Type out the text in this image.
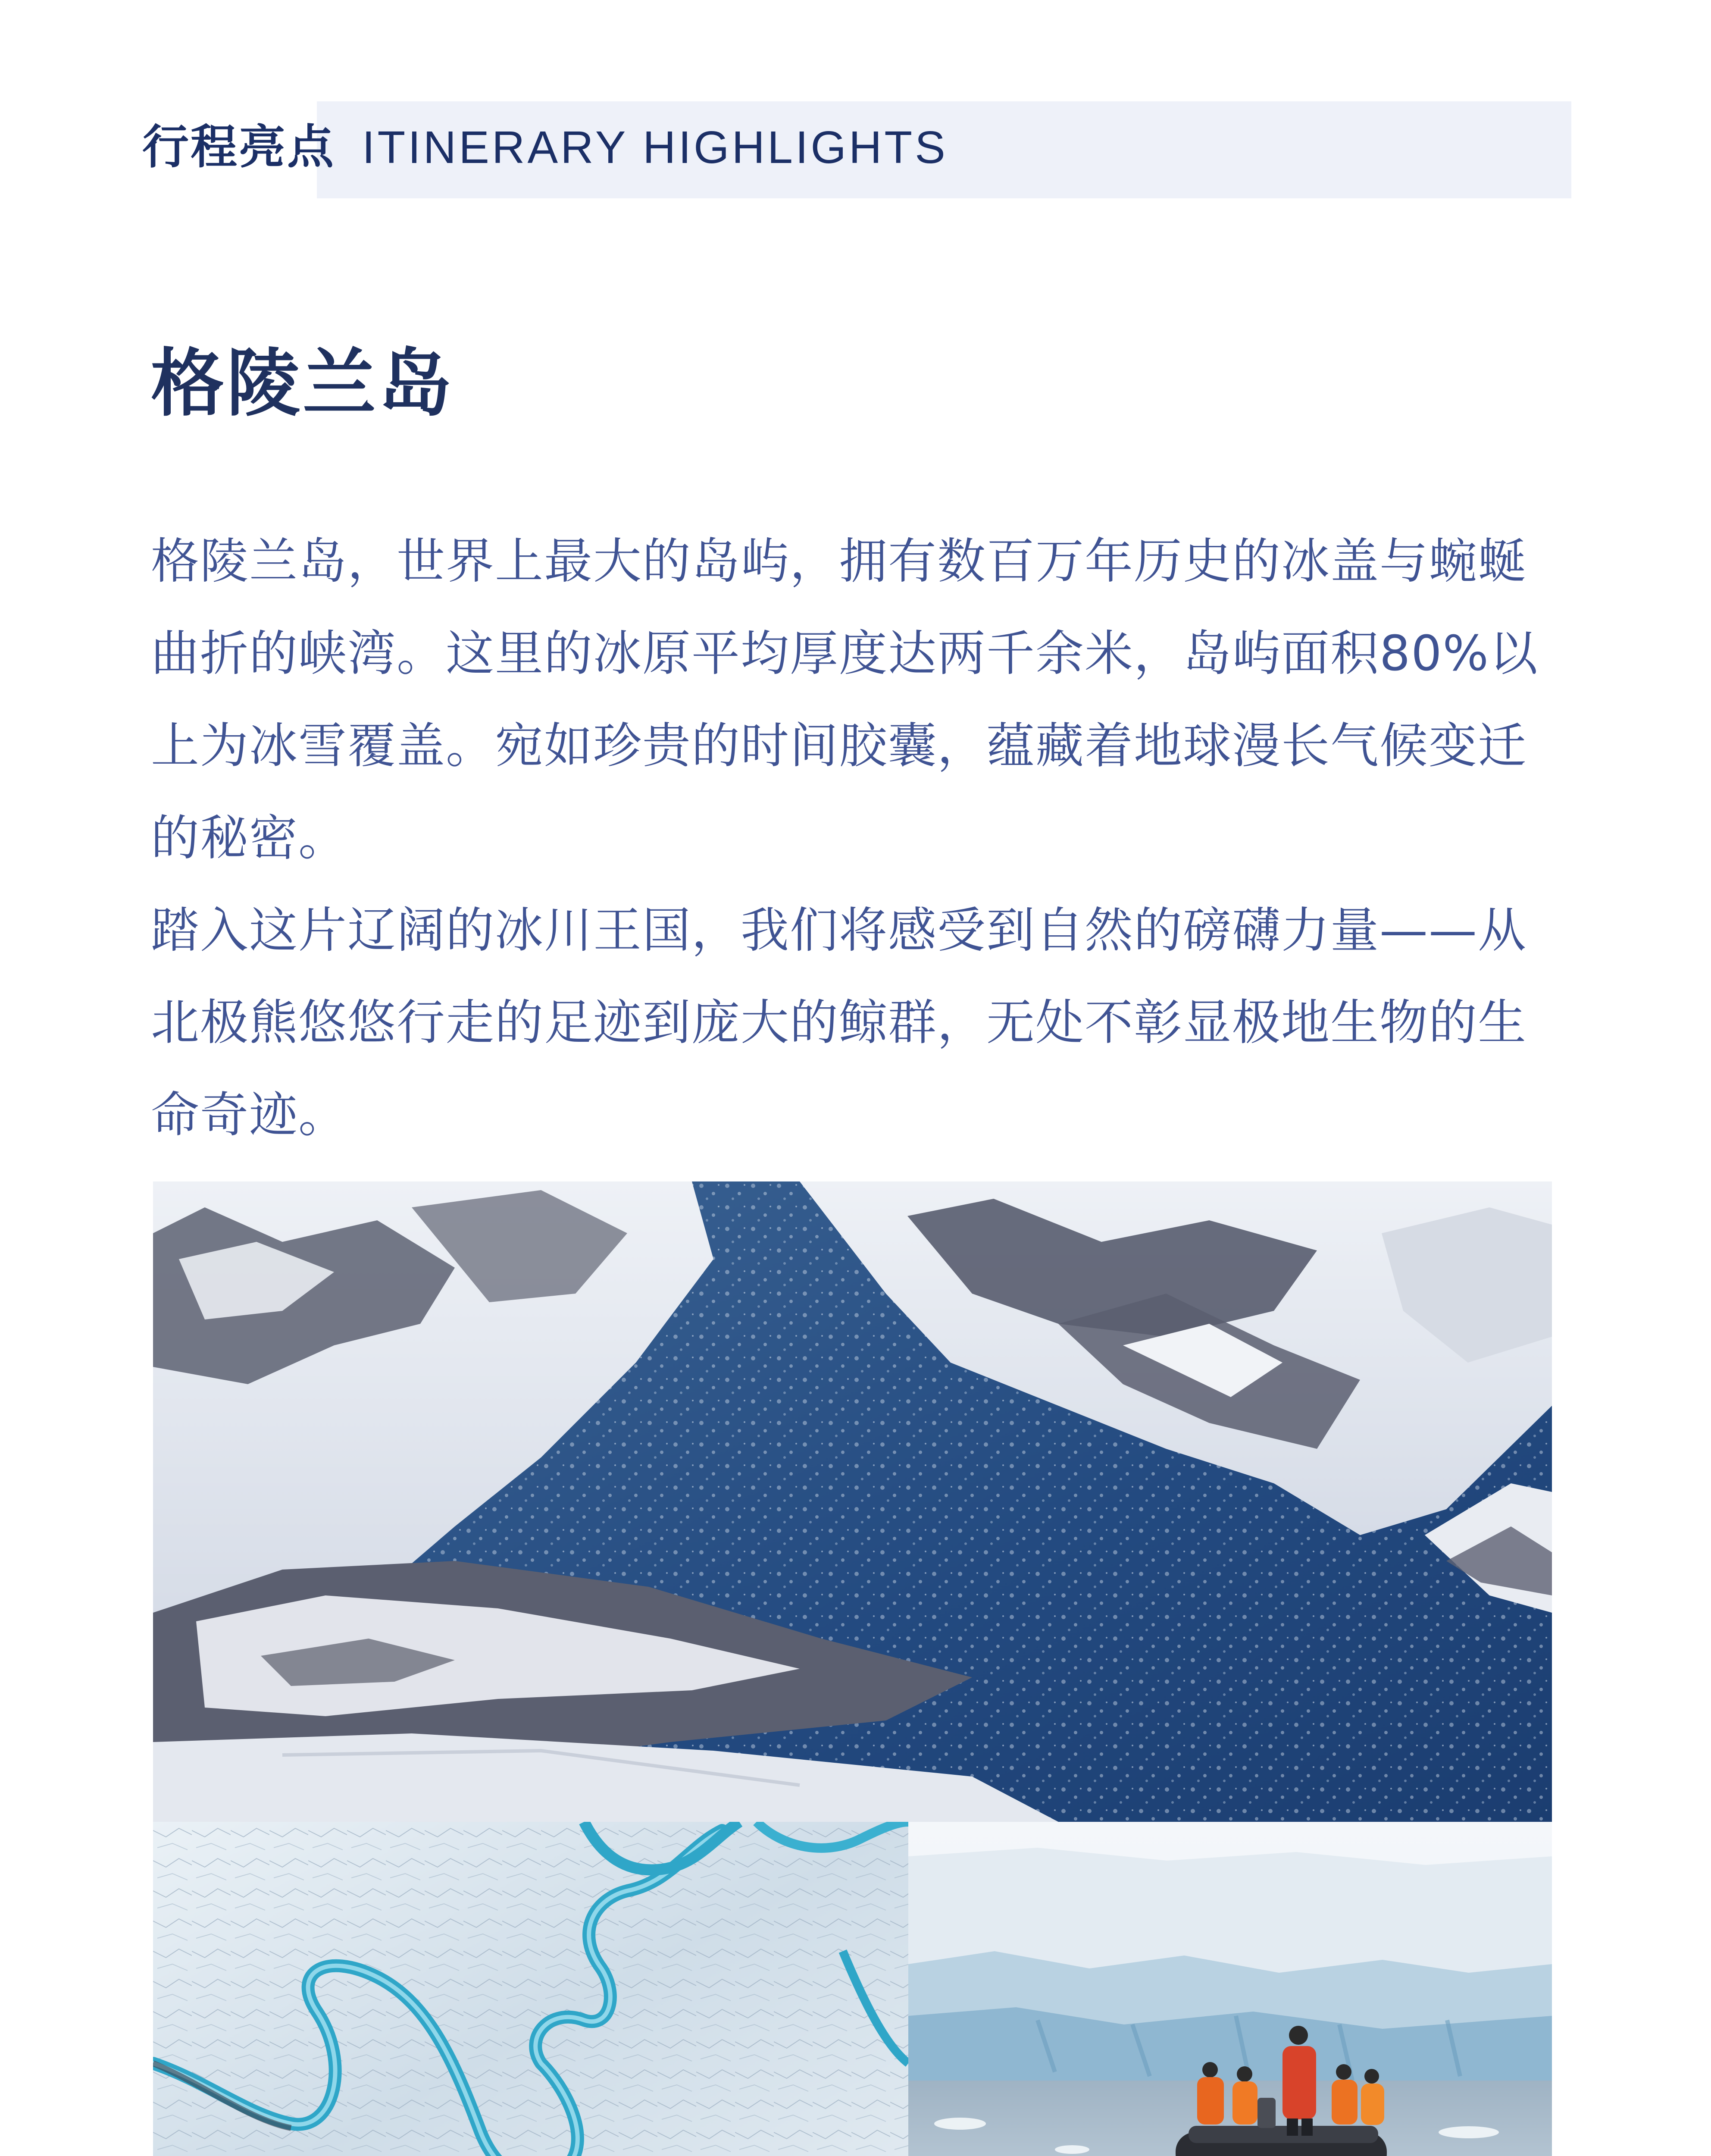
行程亮点 ITINERARY HIGHLIGHTS
格陵兰岛

格陵兰岛，世界上最大的岛屿，拥有数百万年历史的冰盖与蜿蜒曲折的峡湾。这里的冰原平均厚度达两千余米，岛屿面积80%以上为冰雪覆盖。宛如珍贵的时间胶囊，蕴藏着地球漫长气候变迁的秘密。

踏入这片辽阔的冰川王国，我们将感受到自然的磅礴力量——从北极熊悠悠行走的足迹到庞大的鲸群，无处不彰显极地生物的生命奇迹。
